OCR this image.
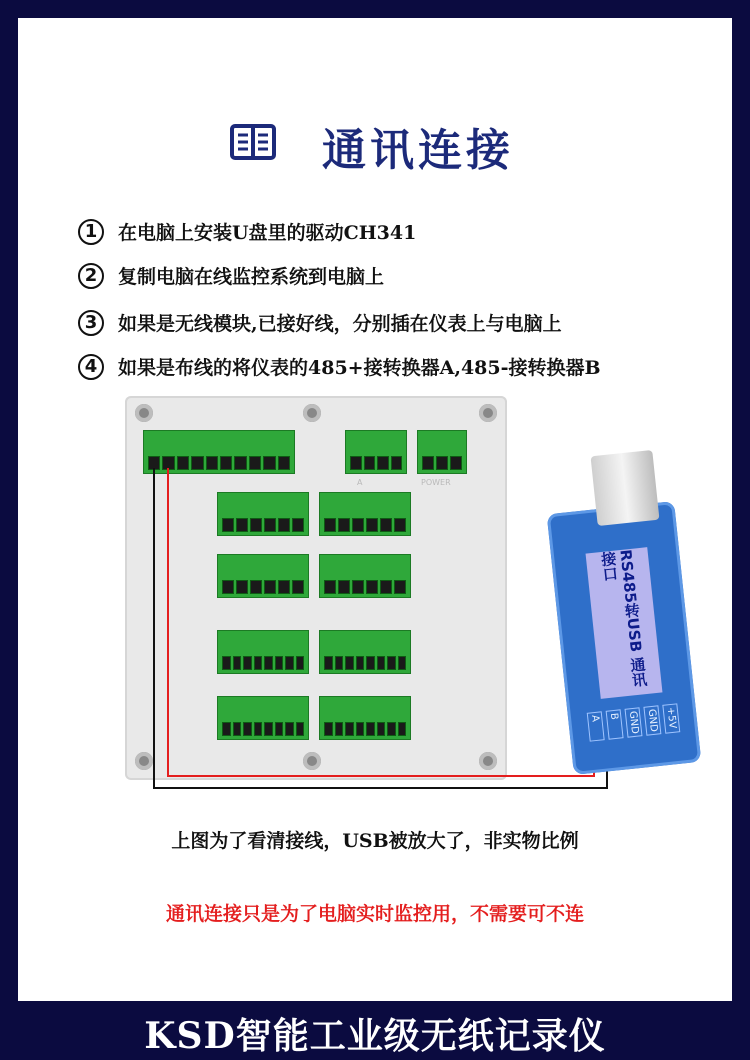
通讯连接
1	在电脑上安装U盘里的驱动CH341
2	复制电脑在线监控系统到电脑上
3	如果是无线模块,已接好线，分别插在仪表上与电脑上
4	如果是布线的将仪表的485+接转换器A,485-接转换器B
A	POWER
RS485转USB 通讯接口
A B GND GND +5V
上图为了看清接线，USB被放大了，非实物比例
通讯连接只是为了电脑实时监控用，不需要可不连
KSD智能工业级无纸记录仪
